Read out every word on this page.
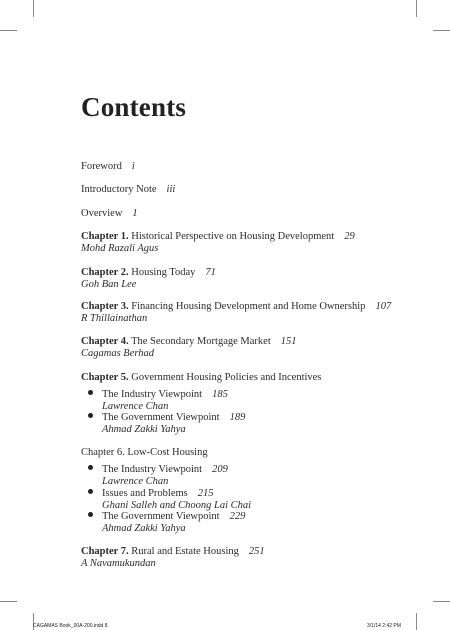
Contents
Foreword i
Introductory Note iii
Overview 1
Chapter 1. Historical Perspective on Housing Development 29
Mohd Razali Agus
Chapter 2. Housing Today 71
Goh Ban Lee
Chapter 3. Financing Housing Development and Home Ownership 107
R Thillainathan
Chapter 4. The Secondary Mortgage Market 151
Cagamas Berhad
Chapter 5. Government Housing Policies and Incentives
The Industry Viewpoint 185
Lawrence Chan
The Government Viewpoint 189
Ahmad Zakki Yahya
Chapter 6. Low-Cost Housing
The Industry Viewpoint 209
Lawrence Chan
Issues and Problems 215
Ghani Salleh and Choong Lai Chai
The Government Viewpoint 229
Ahmad Zakki Yahya
Chapter 7. Rural and Estate Housing 251
A Navamukundan
CAGAMAS Book_00A-200.indd 8	3/1/14 2:42 PM
